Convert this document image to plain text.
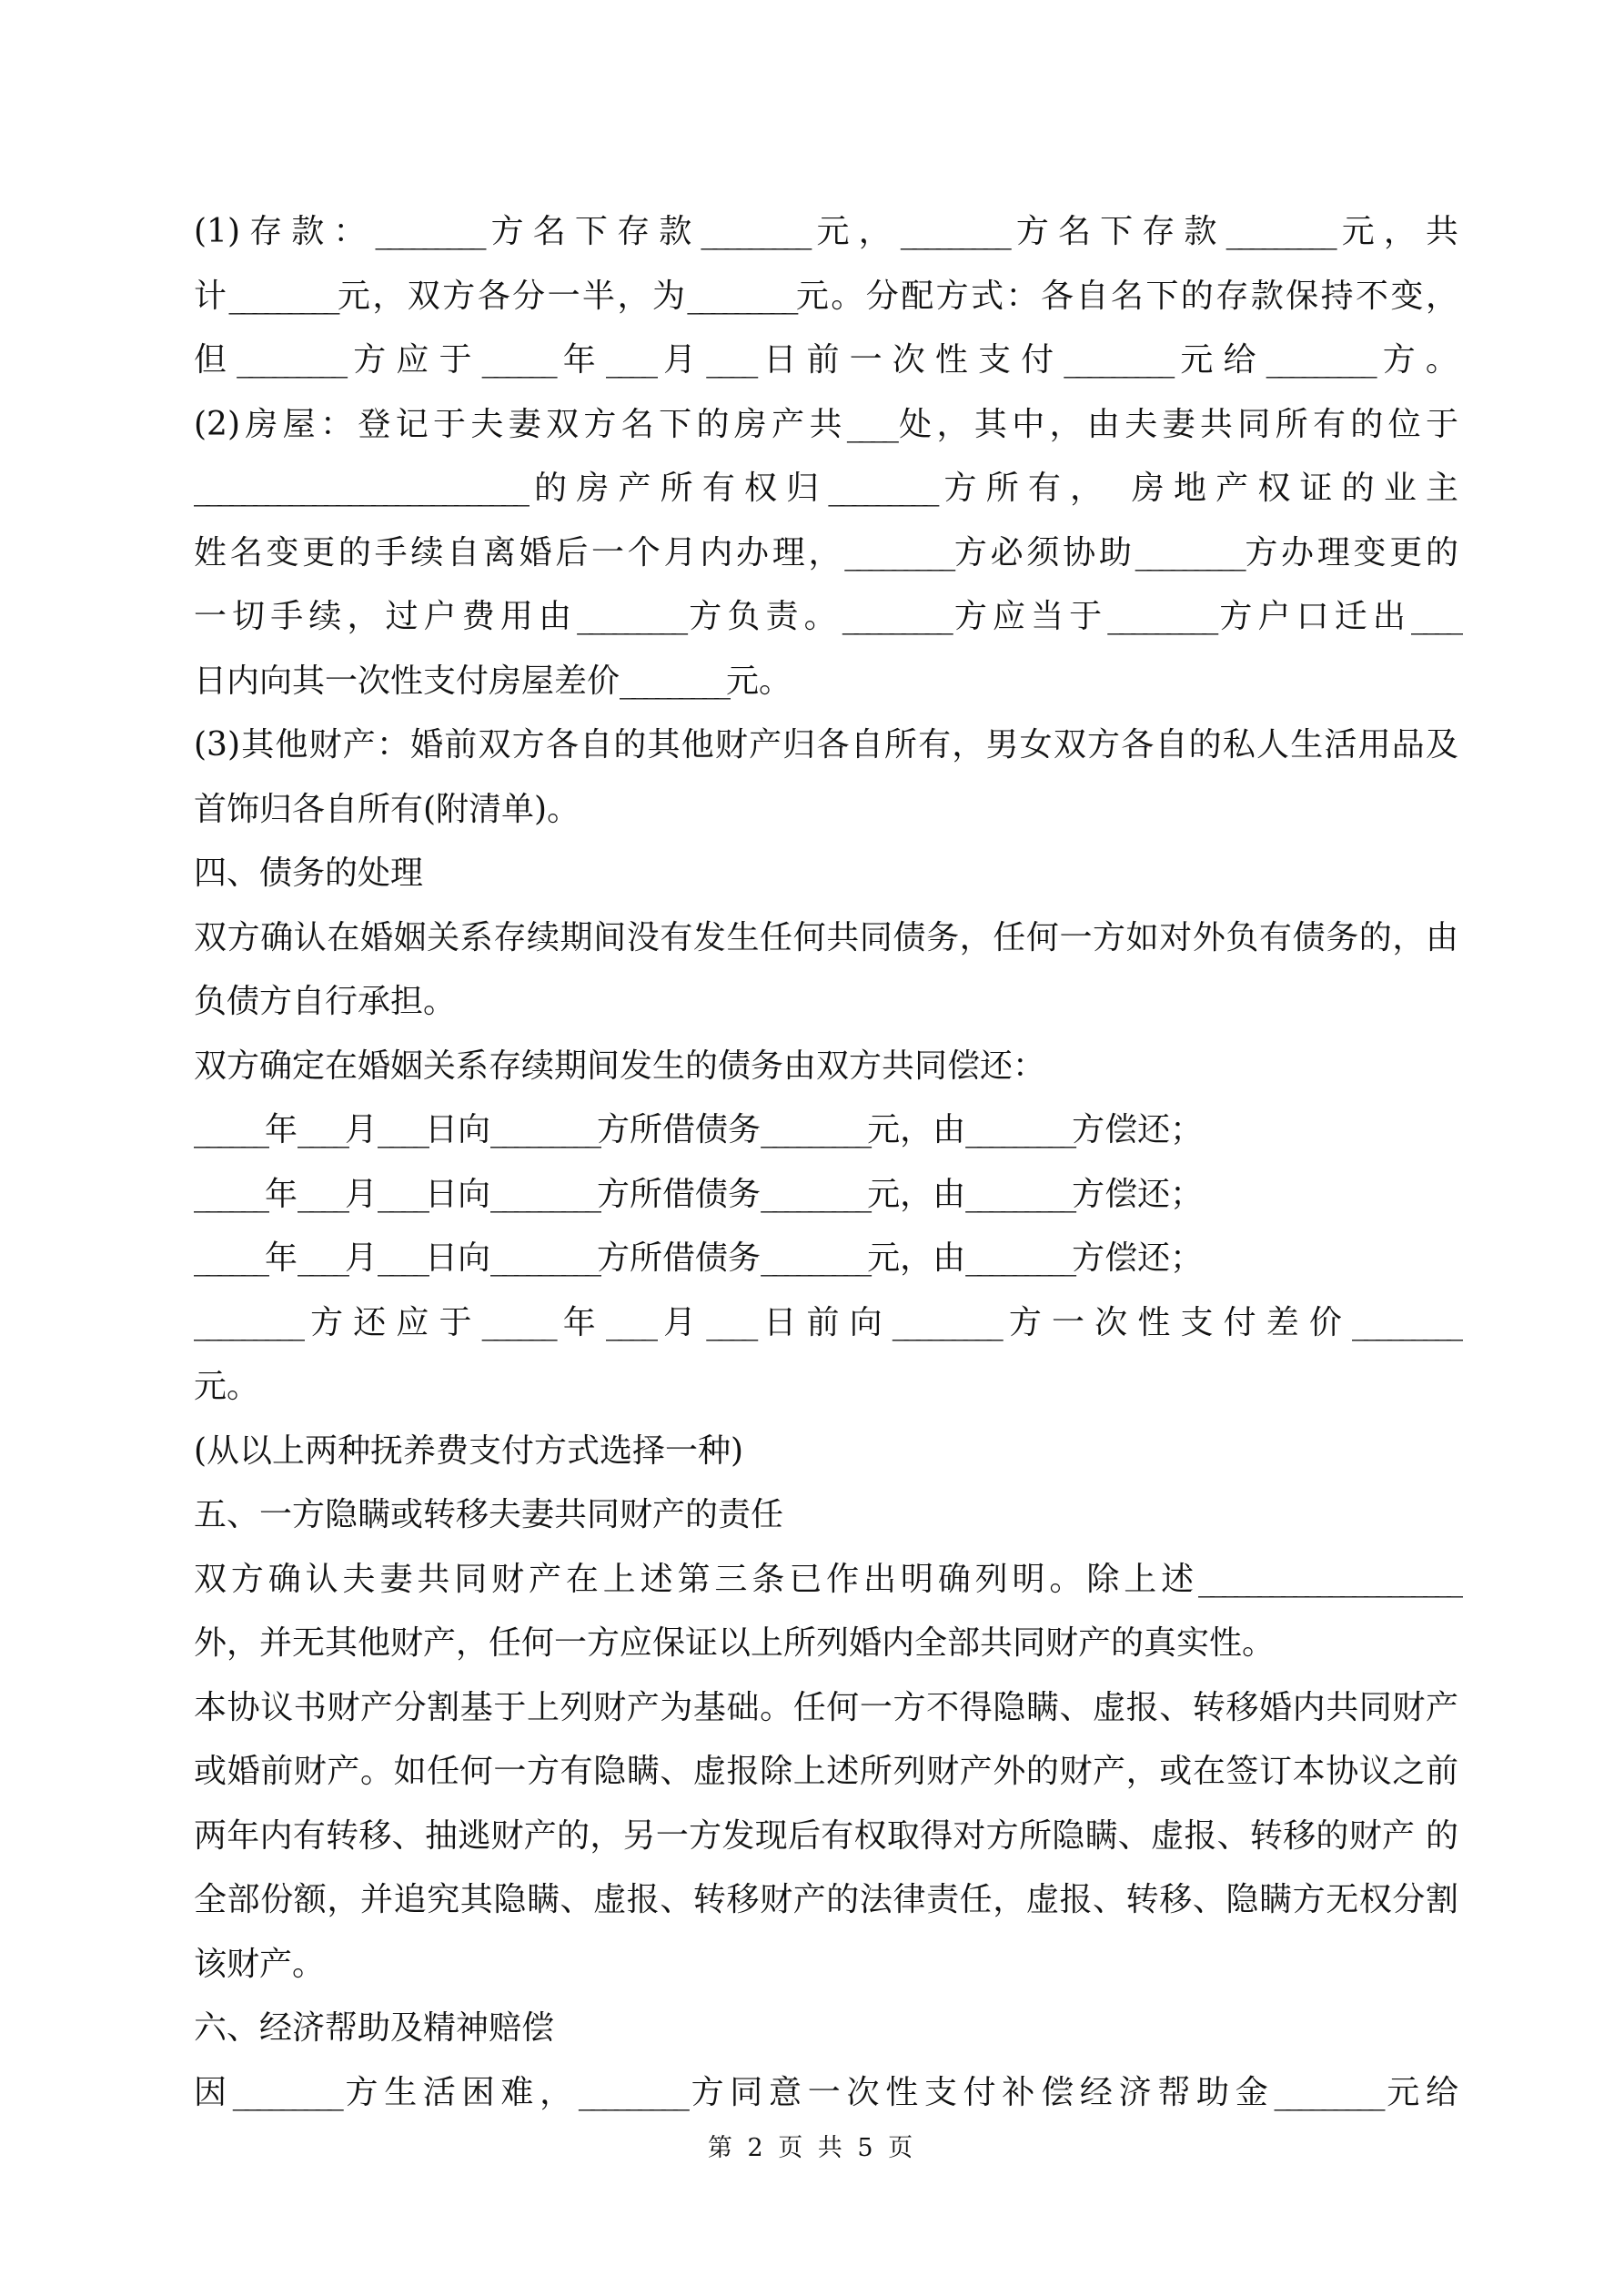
(1)存款：_________方名下存款_________元，_________方名下存款_________元，共
计_________元，双方各分一半，为_________元。分配方式：各自名下的存款保持不变，
但_________方应于______年____月____日前一次性支付_________元给_________方。
(2)房屋：登记于夫妻双方名下的房产共____处，其中，由夫妻共同所有的位于
____________________________的房产所有权归_________方所有， 房地产权证的业主
姓名变更的手续自离婚后一个月内办理，_________方必须协助_________方办理变更的
一切手续，过户费用由_________方负责。_________方应当于_________方户口迁出____
日内向其一次性支付房屋差价_________元。
(3)其他财产：婚前双方各自的其他财产归各自所有，男女双方各自的私人生活用品及
首饰归各自所有(附清单)。
四、债务的处理
双方确认在婚姻关系存续期间没有发生任何共同债务，任何一方如对外负有债务的，由
负债方自行承担。
双方确定在婚姻关系存续期间发生的债务由双方共同偿还：
______年____月____日向_________方所借债务_________元，由_________方偿还；
______年____月____日向_________方所借债务_________元，由_________方偿还；
______年____月____日向_________方所借债务_________元，由_________方偿还；
_________方还应于______年____月____日前向_________方一次性支付差价_________
元。
(从以上两种抚养费支付方式选择一种)
五、一方隐瞒或转移夫妻共同财产的责任
双方确认夫妻共同财产在上述第三条已作出明确列明。除上述______________________
外，并无其他财产，任何一方应保证以上所列婚内全部共同财产的真实性。
本协议书财产分割基于上列财产为基础。任何一方不得隐瞒、虚报、转移婚内共同财产
或婚前财产。如任何一方有隐瞒、虚报除上述所列财产外的财产，或在签订本协议之前
两年内有转移、抽逃财产的，另一方发现后有权取得对方所隐瞒、虚报、转移的财产 的
全部份额，并追究其隐瞒、虚报、转移财产的法律责任，虚报、转移、隐瞒方无权分割
该财产。
六、经济帮助及精神赔偿
因_________方生活困难，_________方同意一次性支付补偿经济帮助金_________元给
第 2 页 共 5 页
